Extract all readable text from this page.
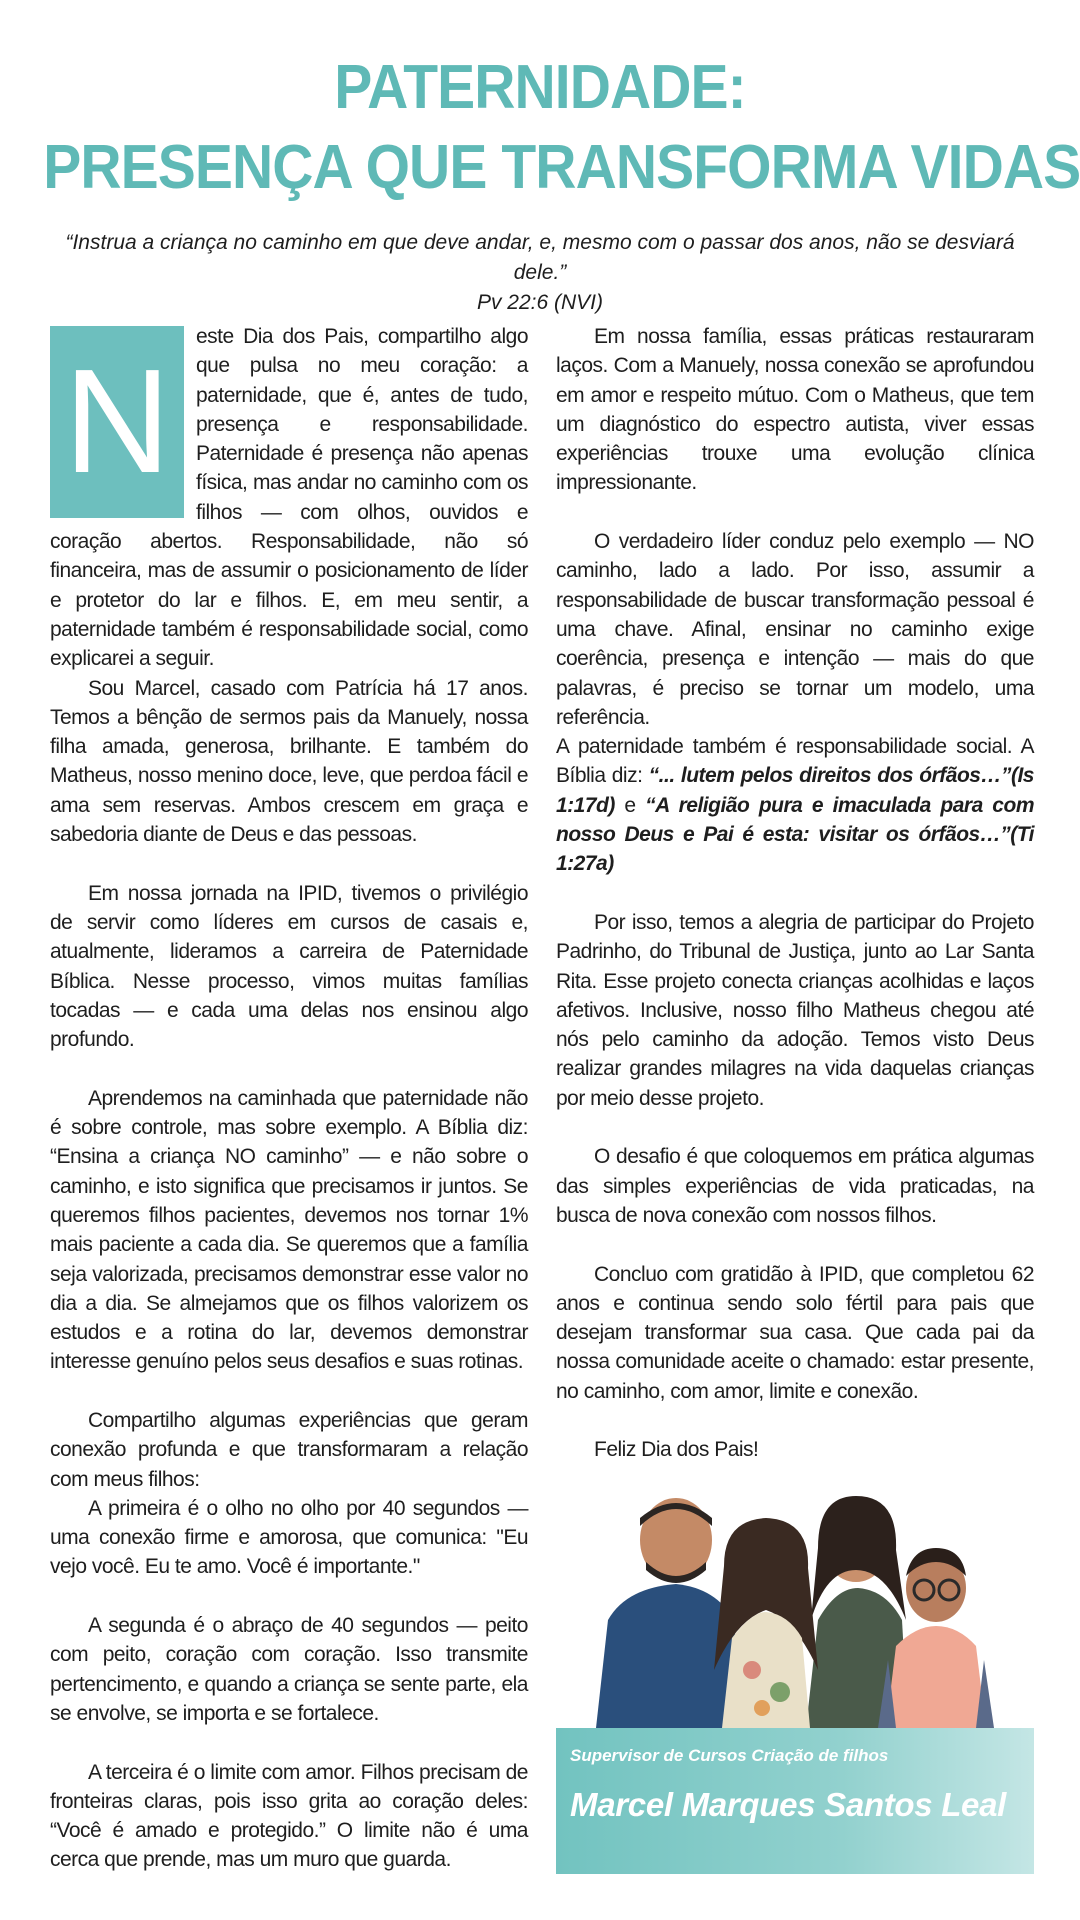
PATERNIDADE:
PRESENÇA QUE TRANSFORMA VIDAS
“Instrua a criança no caminho em que deve andar, e, mesmo com o passar dos anos, não se desviará dele.”
Pv 22:6 (NVI)
N

este Dia dos Pais, compartilho algo que pulsa no meu coração: a paternidade, que é, antes de tudo, presença e responsabilidade. Paternidade é presença não apenas física, mas andar no caminho com os filhos — com olhos, ouvidos e coração abertos. Responsabilidade, não só financeira, mas de assumir o posicionamento de líder e protetor do lar e filhos. E, em meu sentir, a paternidade também é responsabilidade social, como explicarei a seguir.

Sou Marcel, casado com Patrícia há 17 anos. Temos a bênção de sermos pais da Manuely, nossa filha amada, generosa, brilhante. E também do Matheus, nosso menino doce, leve, que perdoa fácil e ama sem reservas. Ambos crescem em graça e sabedoria diante de Deus e das pessoas.

Em nossa jornada na IPID, tivemos o privilégio de servir como líderes em cursos de casais e, atualmente, lideramos a carreira de Paternidade Bíblica. Nesse processo, vimos muitas famílias tocadas — e cada uma delas nos ensinou algo profundo.

Aprendemos na caminhada que paternidade não é sobre controle, mas sobre exemplo. A Bíblia diz: “Ensina a criança NO caminho” — e não sobre o caminho, e isto significa que precisamos ir juntos. Se queremos filhos pacientes, devemos nos tornar 1% mais paciente a cada dia. Se queremos que a família seja valorizada, precisamos demonstrar esse valor no dia a dia. Se almejamos que os filhos valorizem os estudos e a rotina do lar, devemos demonstrar interesse genuíno pelos seus desafios e suas rotinas.

Compartilho algumas experiências que geram conexão profunda e que transformaram a relação com meus filhos:

A primeira é o olho no olho por 40 segundos — uma conexão firme e amorosa, que comunica: "Eu vejo você. Eu te amo. Você é importante."

A segunda é o abraço de 40 segundos — peito com peito, coração com coração. Isso transmite pertencimento, e quando a criança se sente parte, ela se envolve, se importa e se fortalece.

A terceira é o limite com amor. Filhos precisam de fronteiras claras, pois isso grita ao coração deles: “Você é amado e protegido.” O limite não é uma cerca que prende, mas um muro que guarda.

Em nossa família, essas práticas restauraram laços. Com a Manuely, nossa conexão se aprofundou em amor e respeito mútuo. Com o Matheus, que tem um diagnóstico do espectro autista, viver essas experiências trouxe uma evolução clínica impressionante.

O verdadeiro líder conduz pelo exemplo — NO caminho, lado a lado. Por isso, assumir a responsabilidade de buscar transformação pessoal é uma chave. Afinal, ensinar no caminho exige coerência, presença e intenção — mais do que palavras, é preciso se tornar um modelo, uma referência.

A paternidade também é responsabilidade social. A Bíblia diz: “... lutem pelos direitos dos órfãos…”(Is 1:17d) e “A religião pura e imaculada para com nosso Deus e Pai é esta: visitar os órfãos…”(Ti 1:27a)

Por isso, temos a alegria de participar do Projeto Padrinho, do Tribunal de Justiça, junto ao Lar Santa Rita. Esse projeto conecta crianças acolhidas e laços afetivos. Inclusive, nosso filho Matheus chegou até nós pelo caminho da adoção. Temos visto Deus realizar grandes milagres na vida daquelas crianças por meio desse projeto.

O desafio é que coloquemos em prática algumas das simples experiências de vida praticadas, na busca de nova conexão com nossos filhos.

Concluo com gratidão à IPID, que completou 62 anos e continua sendo solo fértil para pais que desejam transformar sua casa. Que cada pai da nossa comunidade aceite o chamado: estar presente, no caminho, com amor, limite e conexão.

Feliz Dia dos Pais!

Supervisor de Cursos Criação de filhos
Marcel Marques Santos Leal
